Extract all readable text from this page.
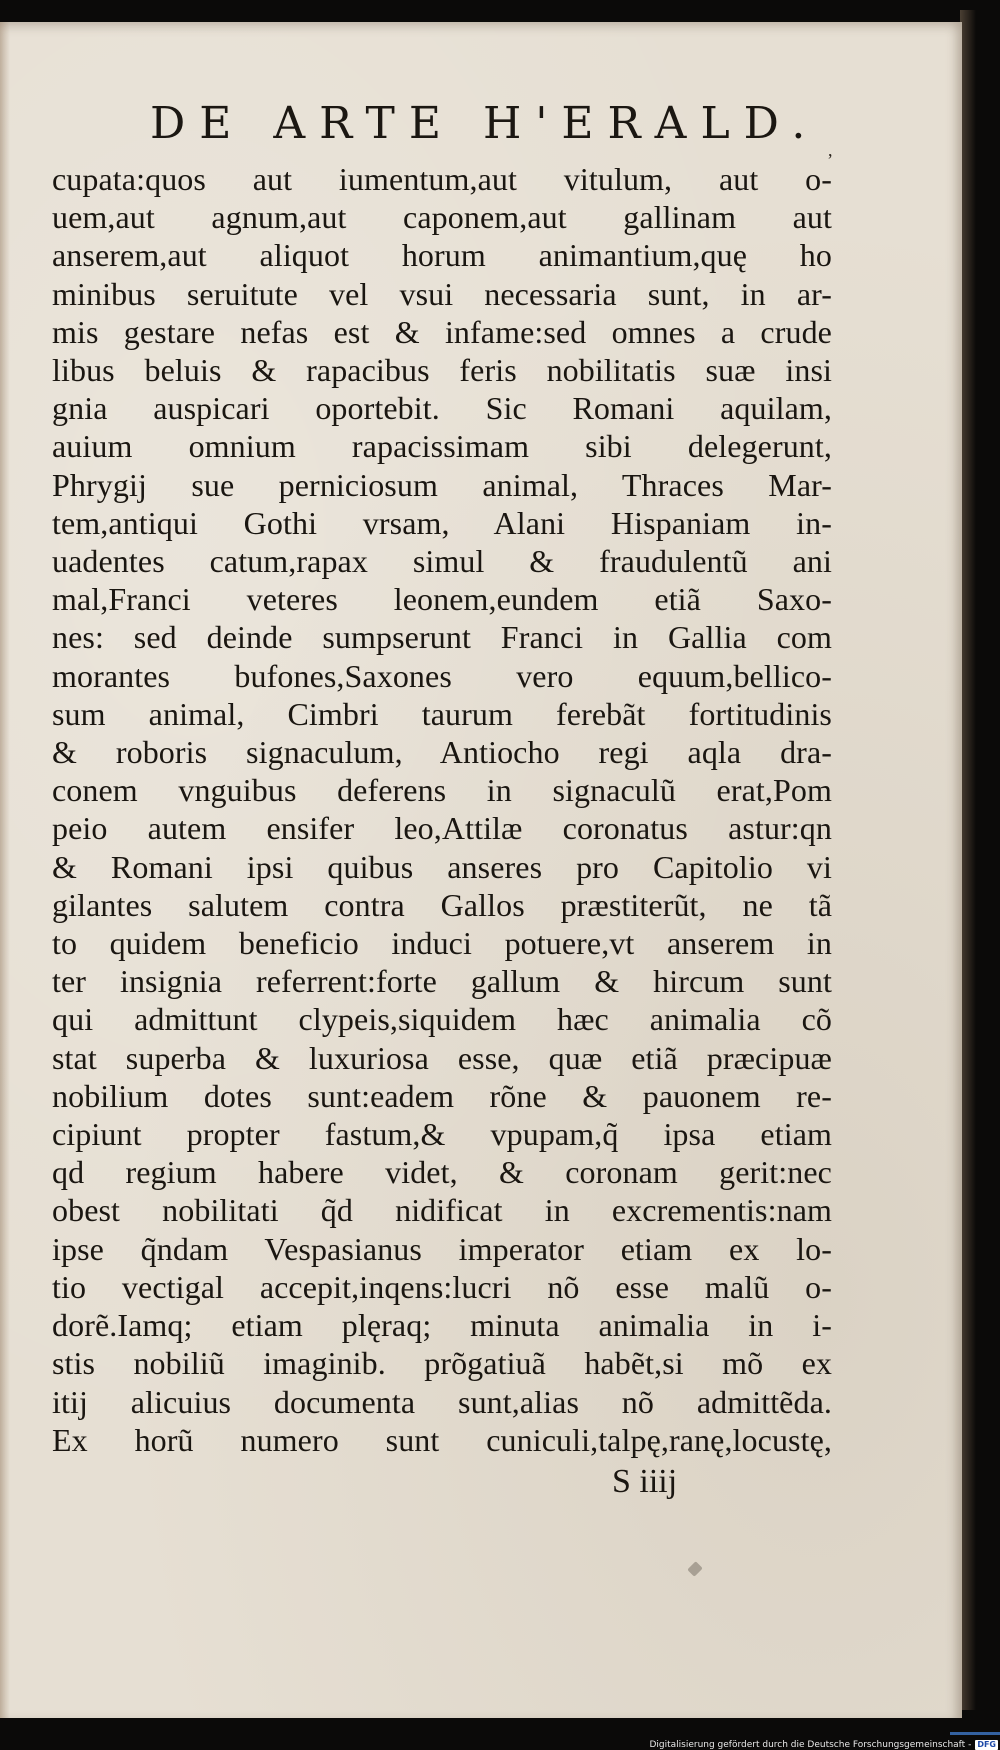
DE ARTE H'ERALD.
,
cupata:quos aut iumentum,aut vitulum, aut o-
uem,aut agnum,aut caponem,aut gallinam aut
anserem,aut aliquot horum animantium,quę ho
minibus seruitute vel vsui necessaria sunt, in ar-
mis gestare nefas est & infame:sed omnes a crude
libus beluis & rapacibus feris nobilitatis suæ insi
gnia auspicari oportebit. Sic Romani aquilam,
auium omnium rapacissimam sibi delegerunt,
Phrygij sue perniciosum animal, Thraces Mar-
tem,antiqui Gothi vrsam, Alani Hispaniam in-
uadentes catum,rapax simul & fraudulentũ ani
mal,Franci veteres leonem,eundem etiã Saxo-
nes: sed deinde sumpserunt Franci in Gallia com
morantes bufones,Saxones vero equum,bellico-
sum animal, Cimbri taurum ferebãt fortitudinis
& roboris signaculum, Antiocho regi aqla dra-
conem vnguibus deferens in signaculũ erat,Pom
peio autem ensifer leo,Attilæ coronatus astur:qn
& Romani ipsi quibus anseres pro Capitolio vi
gilantes salutem contra Gallos præstiterũt, ne tã
to quidem beneficio induci potuere,vt anserem in
ter insignia referrent:forte gallum & hircum sunt
qui admittunt clypeis,siquidem hæc animalia cõ
stat superba & luxuriosa esse, quæ etiã præcipuæ
nobilium dotes sunt:eadem rõne & pauonem re-
cipiunt propter fastum,& vpupam,q̃ ipsa etiam
qd regium habere videt, & coronam gerit:nec
obest nobilitati q̃d nidificat in excrementis:nam
ipse q̃ndam Vespasianus imperator etiam ex lo-
tio vectigal accepit,inqens:lucri nõ esse malũ o-
dorẽ.Iamq; etiam plęraq; minuta animalia in i-
stis nobiliũ imaginib. prõgatiuã habẽt,si mõ ex
itij alicuius documenta sunt,alias nõ admittẽda.
Ex horũ numero sunt cuniculi,talpę,ranę,locustę,
S iiij
Digitalisierung gefördert durch die Deutsche Forschungsgemeinschaft - DFG
